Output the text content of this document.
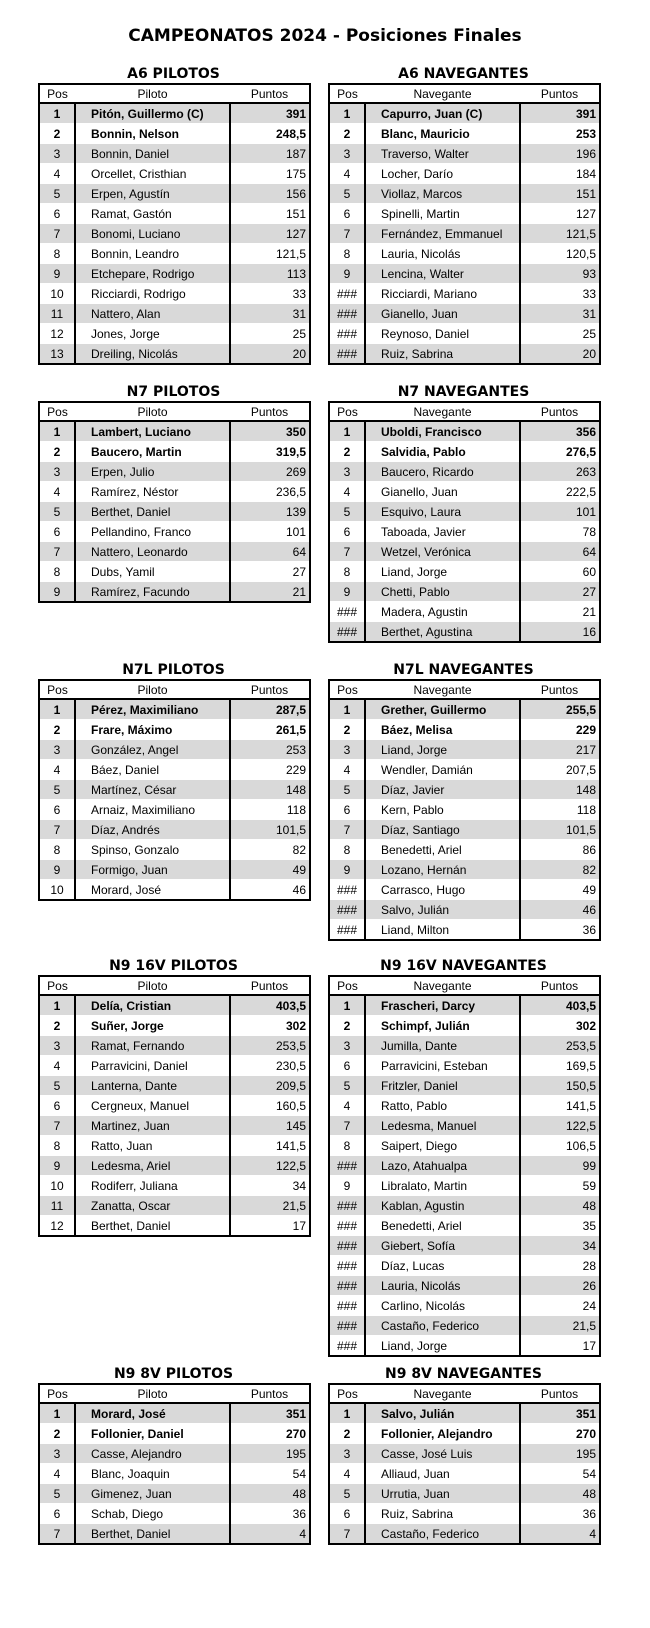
CAMPEONATOS 2024 - Posiciones Finales
A6 PILOTOS
Pos	Piloto	Puntos
1	Pitón, Guillermo (C)	391
2	Bonnin, Nelson	248,5
3	Bonnin, Daniel	187
4	Orcellet, Cristhian	175
5	Erpen, Agustín	156
6	Ramat, Gastón	151
7	Bonomi, Luciano	127
8	Bonnin, Leandro	121,5
9	Etchepare, Rodrigo	113
10	Ricciardi, Rodrigo	33
11	Nattero, Alan	31
12	Jones, Jorge	25
13	Dreiling, Nicolás	20
A6 NAVEGANTES
Pos	Navegante	Puntos
1	Capurro, Juan (C)	391
2	Blanc, Mauricio	253
3	Traverso, Walter	196
4	Locher, Darío	184
5	Viollaz, Marcos	151
6	Spinelli, Martin	127
7	Fernández, Emmanuel	121,5
8	Lauria, Nicolás	120,5
9	Lencina, Walter	93
###	Ricciardi, Mariano	33
###	Gianello, Juan	31
###	Reynoso, Daniel	25
###	Ruiz, Sabrina	20
N7 PILOTOS
Pos	Piloto	Puntos
1	Lambert, Luciano	350
2	Baucero, Martin	319,5
3	Erpen, Julio	269
4	Ramírez, Néstor	236,5
5	Berthet, Daniel	139
6	Pellandino, Franco	101
7	Nattero, Leonardo	64
8	Dubs, Yamil	27
9	Ramírez, Facundo	21
N7 NAVEGANTES
Pos	Navegante	Puntos
1	Uboldi, Francisco	356
2	Salvidia, Pablo	276,5
3	Baucero, Ricardo	263
4	Gianello, Juan	222,5
5	Esquivo, Laura	101
6	Taboada, Javier	78
7	Wetzel, Verónica	64
8	Liand, Jorge	60
9	Chetti, Pablo	27
###	Madera, Agustin	21
###	Berthet, Agustina	16
N7L PILOTOS
Pos	Piloto	Puntos
1	Pérez, Maximiliano	287,5
2	Frare, Máximo	261,5
3	González, Angel	253
4	Báez, Daniel	229
5	Martínez, César	148
6	Arnaiz, Maximiliano	118
7	Díaz, Andrés	101,5
8	Spinso, Gonzalo	82
9	Formigo, Juan	49
10	Morard, José	46
N7L NAVEGANTES
Pos	Navegante	Puntos
1	Grether, Guillermo	255,5
2	Báez, Melisa	229
3	Liand, Jorge	217
4	Wendler, Damián	207,5
5	Díaz, Javier	148
6	Kern, Pablo	118
7	Díaz, Santiago	101,5
8	Benedetti, Ariel	86
9	Lozano, Hernán	82
###	Carrasco, Hugo	49
###	Salvo, Julián	46
###	Liand, Milton	36
N9 16V PILOTOS
Pos	Piloto	Puntos
1	Delía, Cristian	403,5
2	Suñer, Jorge	302
3	Ramat, Fernando	253,5
4	Parravicini, Daniel	230,5
5	Lanterna, Dante	209,5
6	Cergneux, Manuel	160,5
7	Martinez, Juan	145
8	Ratto, Juan	141,5
9	Ledesma, Ariel	122,5
10	Rodiferr, Juliana	34
11	Zanatta, Oscar	21,5
12	Berthet, Daniel	17
N9 16V NAVEGANTES
Pos	Navegante	Puntos
1	Frascheri, Darcy	403,5
2	Schimpf, Julián	302
3	Jumilla, Dante	253,5
6	Parravicini, Esteban	169,5
5	Fritzler, Daniel	150,5
4	Ratto, Pablo	141,5
7	Ledesma, Manuel	122,5
8	Saipert, Diego	106,5
###	Lazo, Atahualpa	99
9	Libralato, Martin	59
###	Kablan, Agustin	48
###	Benedetti, Ariel	35
###	Giebert, Sofía	34
###	Díaz, Lucas	28
###	Lauria, Nicolás	26
###	Carlino, Nicolás	24
###	Castaño, Federico	21,5
###	Liand, Jorge	17
N9 8V PILOTOS
Pos	Piloto	Puntos
1	Morard, José	351
2	Follonier, Daniel	270
3	Casse, Alejandro	195
4	Blanc, Joaquin	54
5	Gimenez, Juan	48
6	Schab, Diego	36
7	Berthet, Daniel	4
N9 8V NAVEGANTES
Pos	Navegante	Puntos
1	Salvo, Julián	351
2	Follonier, Alejandro	270
3	Casse, José Luis	195
4	Alliaud, Juan	54
5	Urrutia, Juan	48
6	Ruiz, Sabrina	36
7	Castaño, Federico	4
